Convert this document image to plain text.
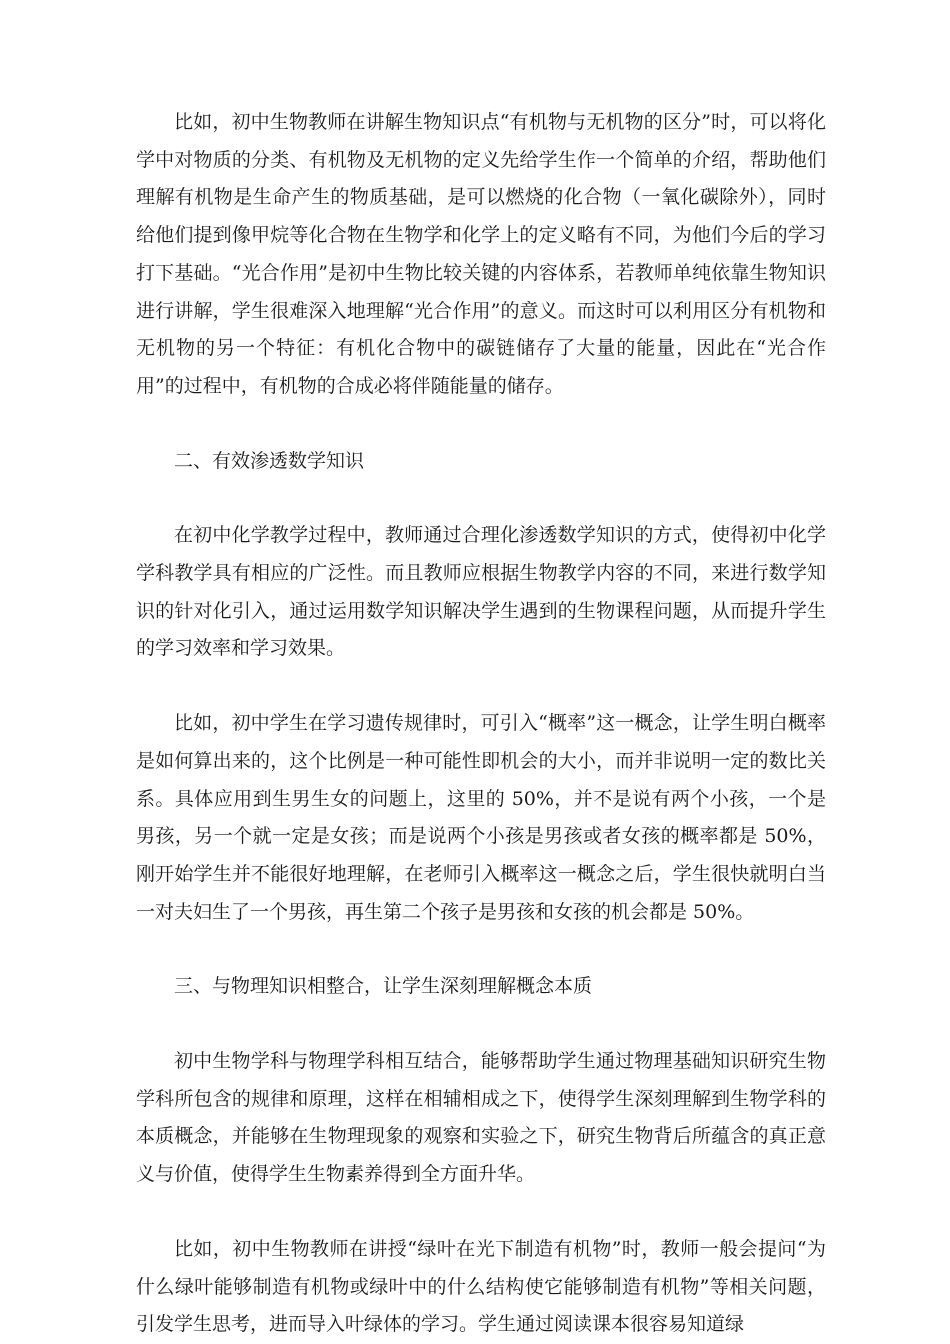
比如，初中生物教师在讲解生物知识点“有机物与无机物的区分”时，可以将化学中对物质的分类、有机物及无机物的定义先给学生作一个简单的介绍，帮助他们理解有机物是生命产生的物质基础，是可以燃烧的化合物（一氧化碳除外），同时给他们提到像甲烷等化合物在生物学和化学上的定义略有不同，为他们今后的学习打下基础。“光合作用”是初中生物比较关键的内容体系，若教师单纯依靠生物知识进行讲解，学生很难深入地理解“光合作用”的意义。而这时可以利用区分有机物和无机物的另一个特征：有机化合物中的碳链储存了大量的能量，因此在“光合作用”的过程中，有机物的合成必将伴随能量的储存。

二、有效渗透数学知识

在初中化学教学过程中，教师通过合理化渗透数学知识的方式，使得初中化学学科教学具有相应的广泛性。而且教师应根据生物教学内容的不同，来进行数学知识的针对化引入，通过运用数学知识解决学生遇到的生物课程问题，从而提升学生的学习效率和学习效果。

比如，初中学生在学习遗传规律时，可引入“概率”这一概念，让学生明白概率是如何算出来的，这个比例是一种可能性即机会的大小，而并非说明一定的数比关系。具体应用到生男生女的问题上，这里的 50%，并不是说有两个小孩，一个是男孩，另一个就一定是女孩；而是说两个小孩是男孩或者女孩的概率都是 50%，刚开始学生并不能很好地理解，在老师引入概率这一概念之后，学生很快就明白当一对夫妇生了一个男孩，再生第二个孩子是男孩和女孩的机会都是 50%。

三、与物理知识相整合，让学生深刻理解概念本质

初中生物学科与物理学科相互结合，能够帮助学生通过物理基础知识研究生物学科所包含的规律和原理，这样在相辅相成之下，使得学生深刻理解到生物学科的本质概念，并能够在生物理现象的观察和实验之下，研究生物背后所蕴含的真正意义与价值，使得学生生物素养得到全方面升华。

比如，初中生物教师在讲授“绿叶在光下制造有机物”时，教师一般会提问“为什么绿叶能够制造有机物或绿叶中的什么结构使它能够制造有机物”等相关问题，引发学生思考，进而导入叶绿体的学习。学生通过阅读课本很容易知道绿
